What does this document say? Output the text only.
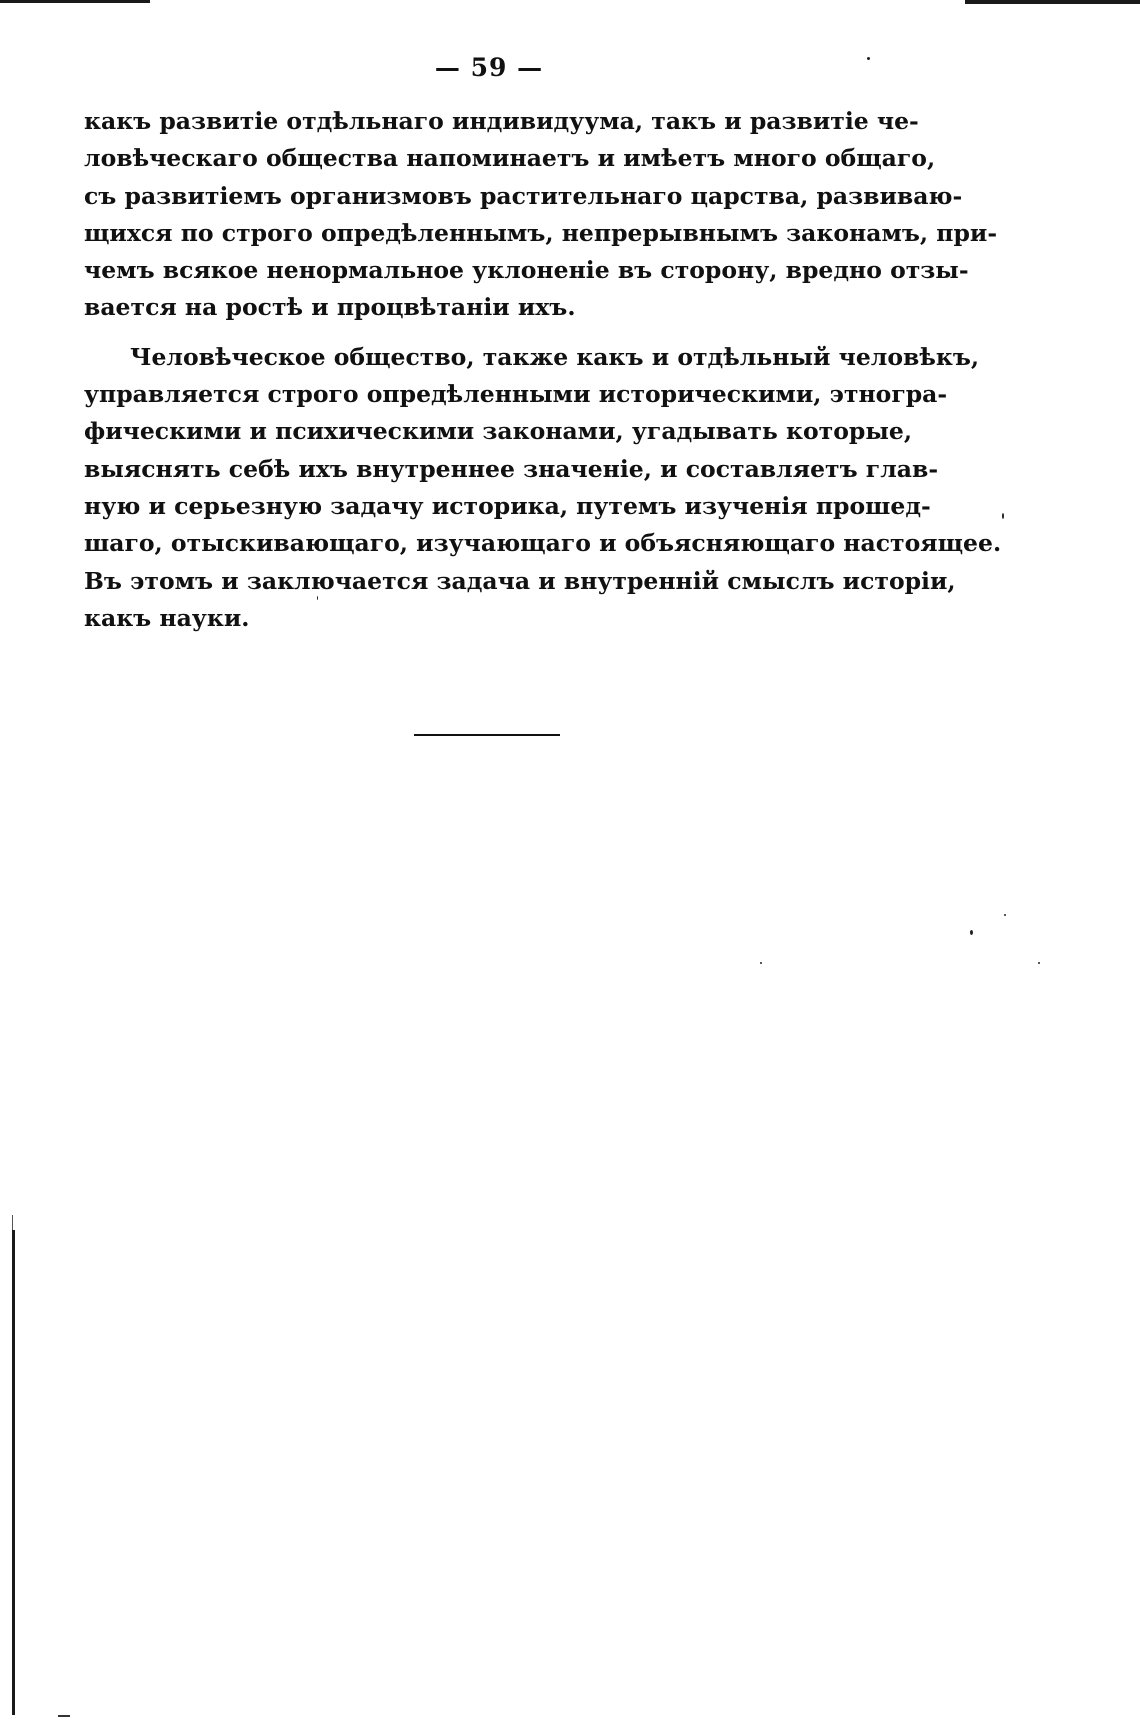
— 59 —
какъ развитіе отдѣльнаго индивидуума, такъ и развитіе че-
ловѣческаго общества напоминаетъ и имѣетъ много общаго,
съ развитіемъ организмовъ растительнаго царства, развиваю-
щихся по строго опредѣленнымъ, непрерывнымъ законамъ, при-
чемъ всякое ненормальное уклоненіе въ сторону, вредно отзы-
вается на ростѣ и процвѣтаніи ихъ.
Человѣческое общество, также какъ и отдѣльный человѣкъ,
управляется строго опредѣленными историческими, этногра-
фическими и психическими законами, угадывать которые,
выяснять себѣ ихъ внутреннее значеніе, и составляетъ глав-
ную и серьезную задачу историка, путемъ изученія прошед-
шаго, отыскивающаго, изучающаго и объясняющаго настоящее.
Въ этомъ и заключается задача и внутренній смыслъ исторіи,
какъ науки.
